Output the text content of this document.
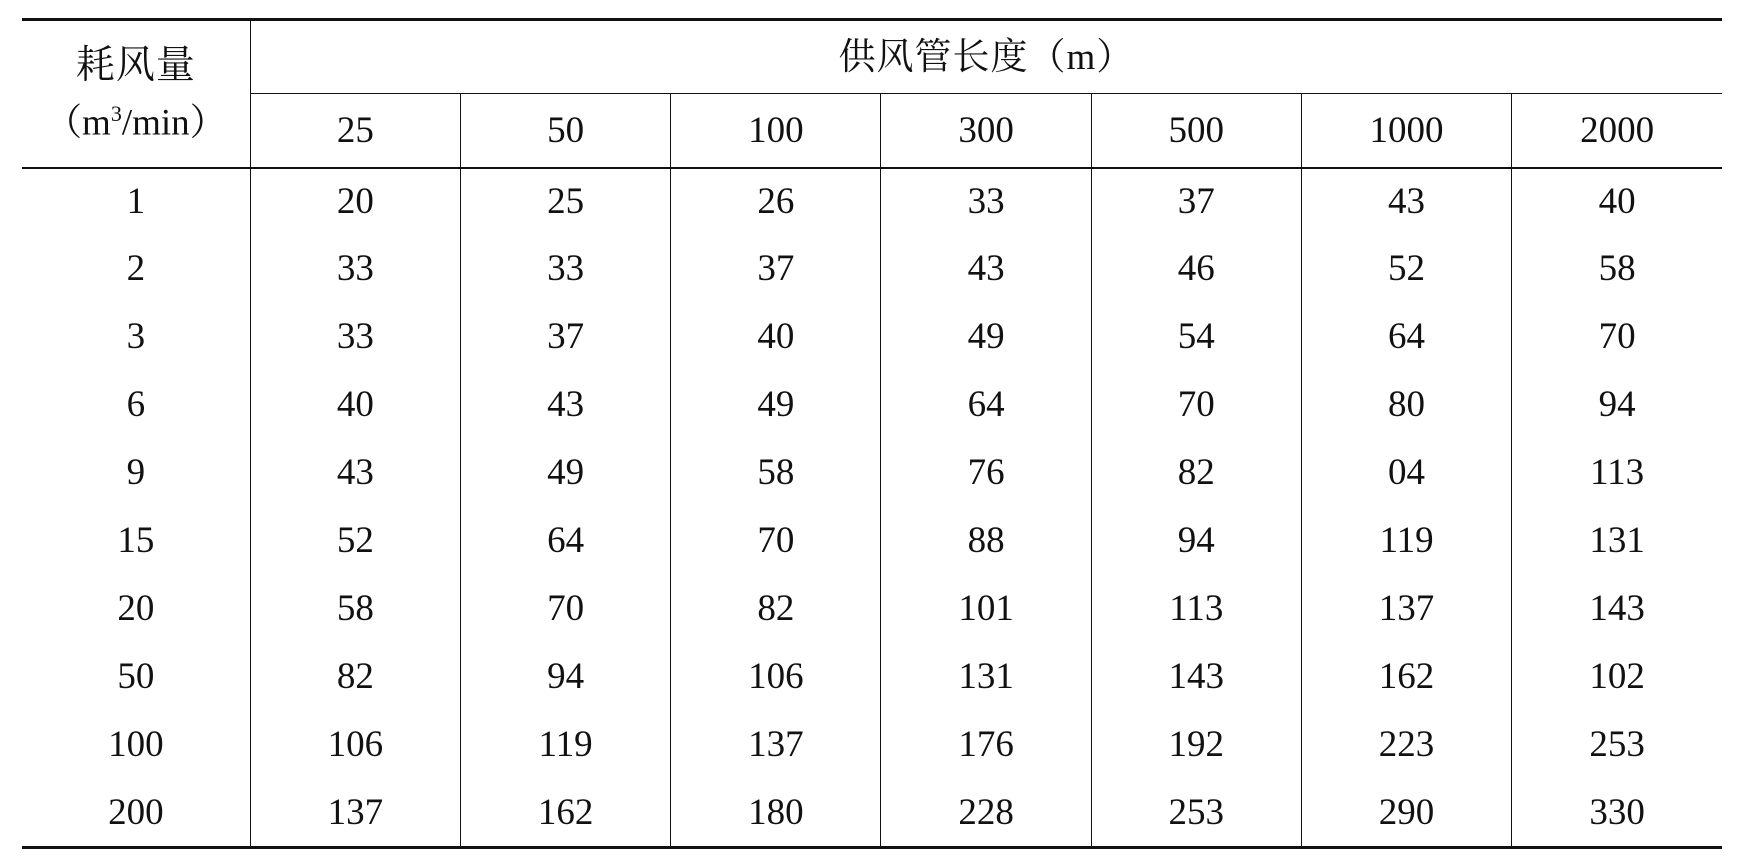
耗风量
$(m^3/\min)$	供风管长度（m）						
	25	50	100	300	500	1000	2000
1	20	25	26	33	37	43	40
2	33	33	37	43	46	52	58
3	33	37	40	49	54	64	70
6	40	43	49	64	70	80	94
9	43	49	58	76	82	04	113
15	52	64	70	88	94	119	131
20	58	70	82	101	113	137	143
50	82	94	106	131	143	162	102
100	106	119	137	176	192	223	253
200	137	162	180	228	253	290	330
